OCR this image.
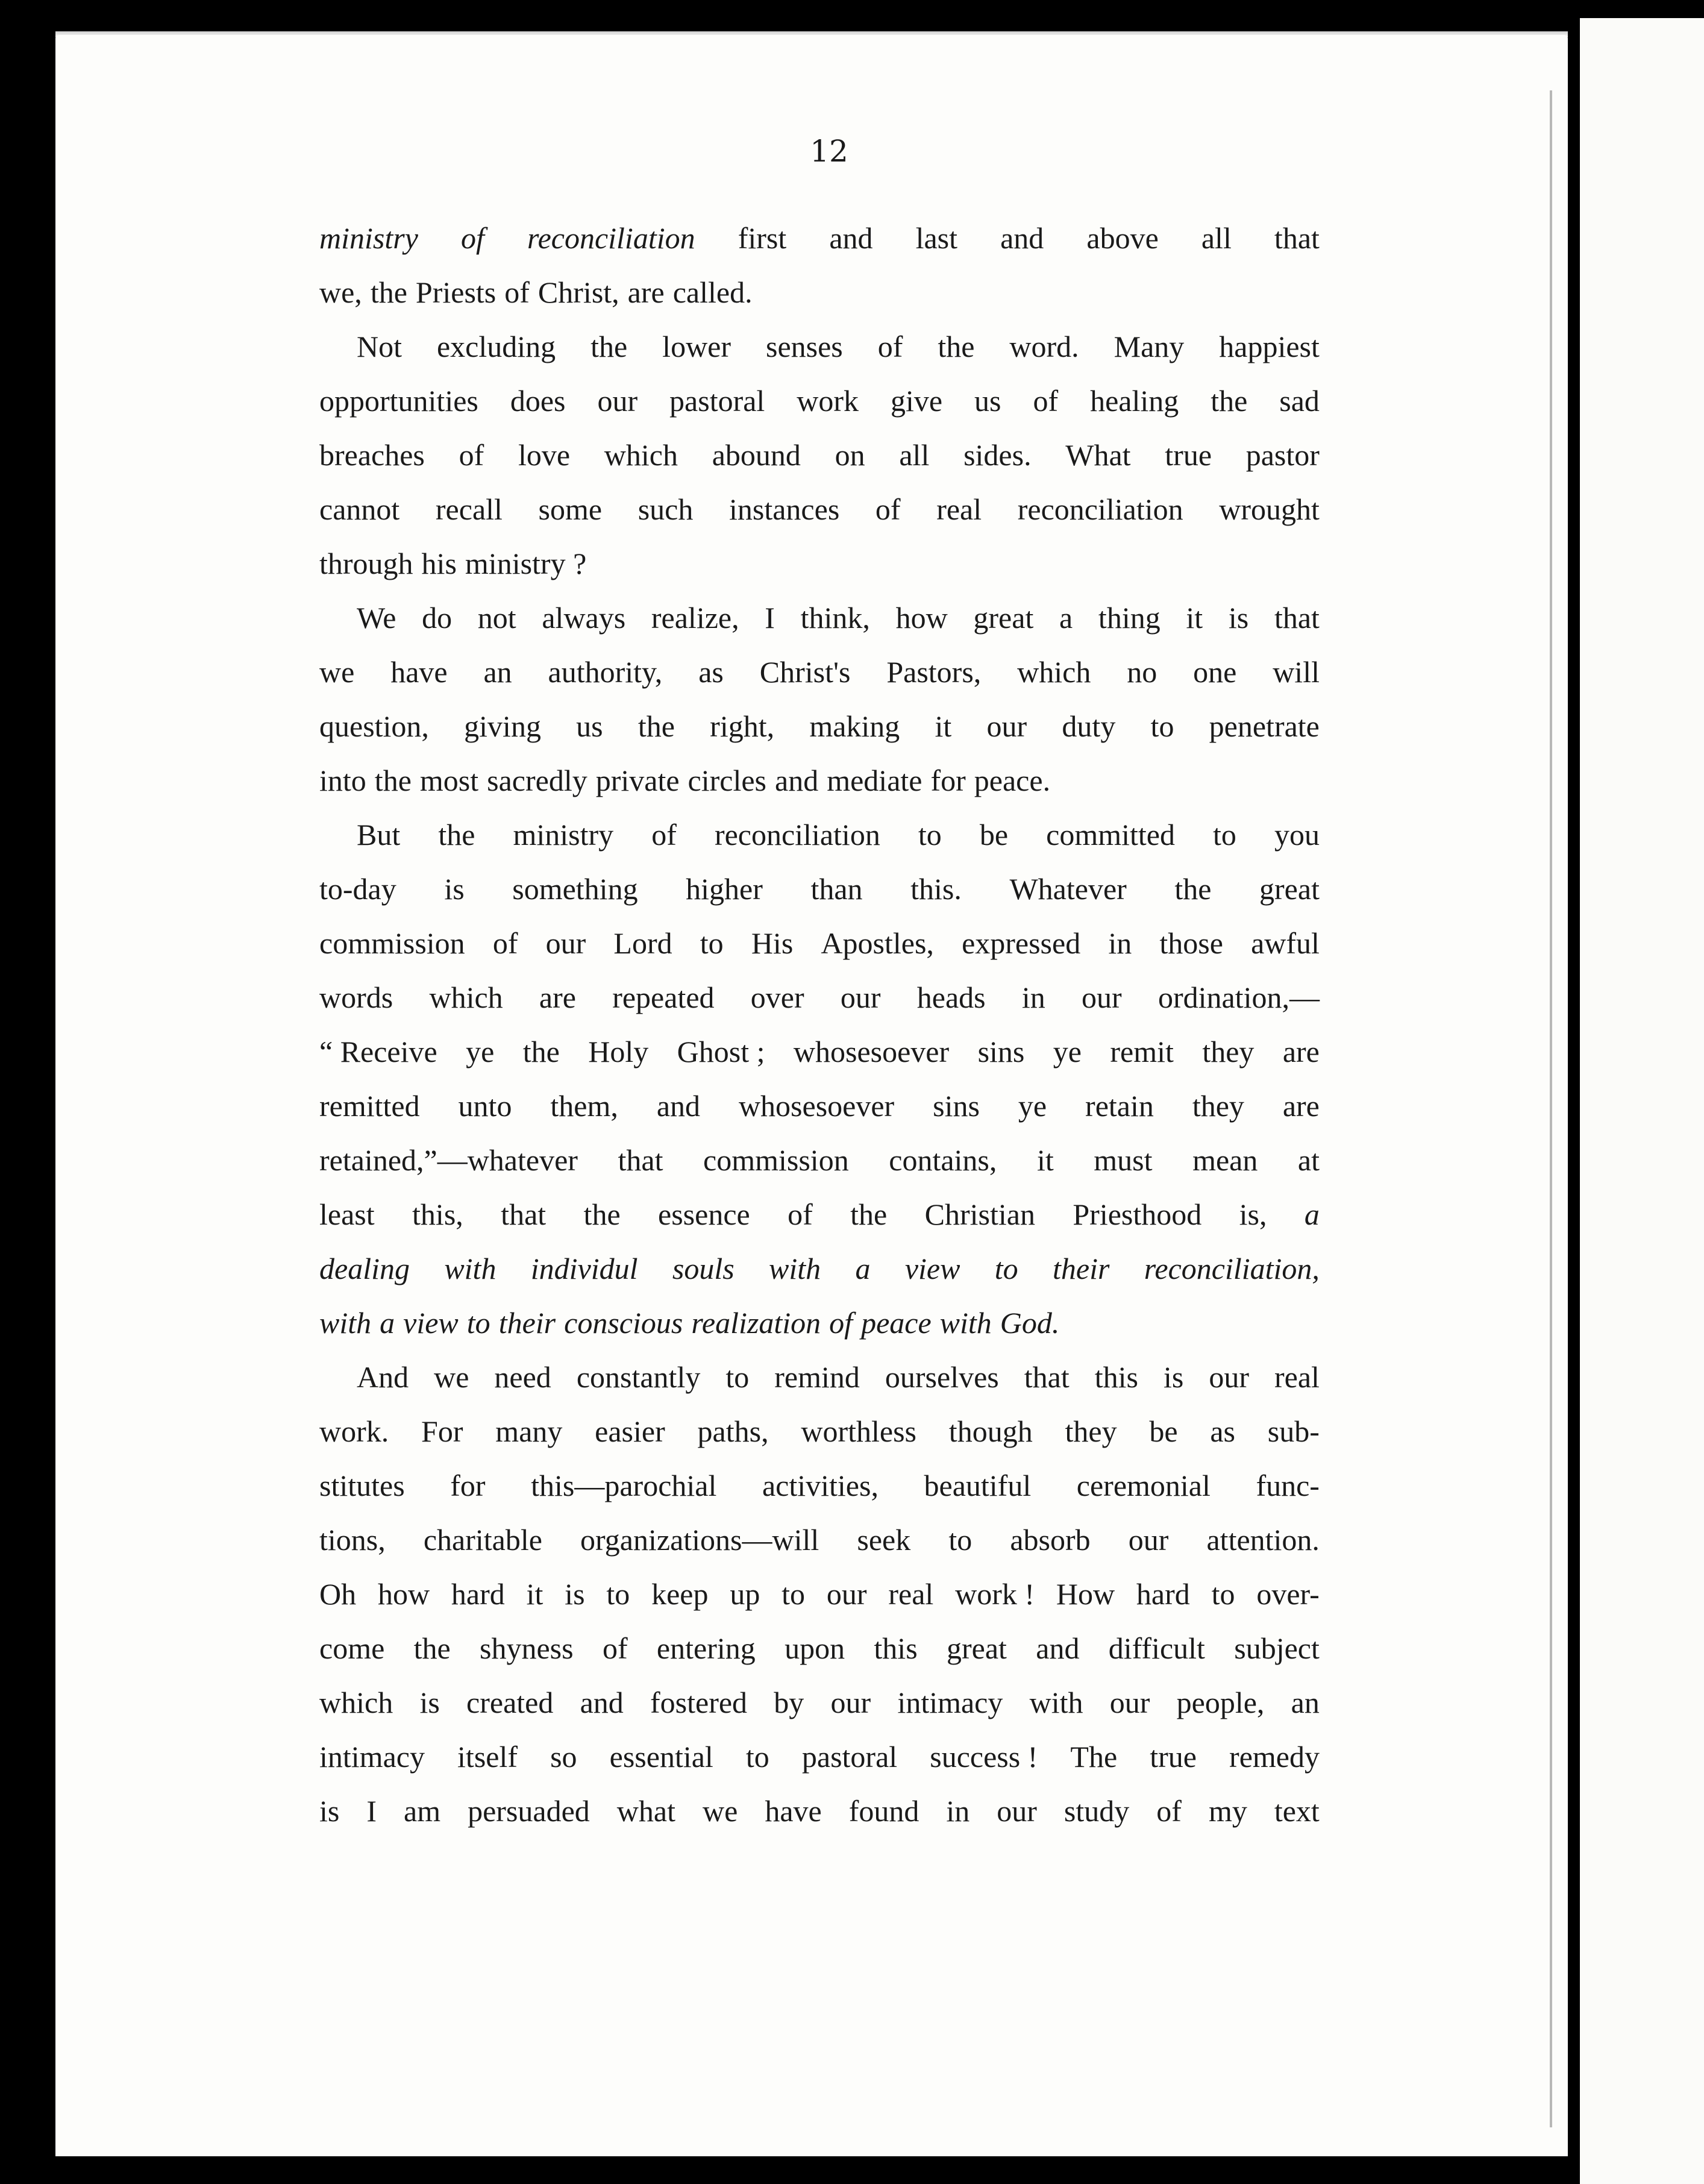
12
ministry of reconciliation first and last and above all that
we, the Priests of Christ, are called.
Not excluding the lower senses of the word. Many happiest
opportunities does our pastoral work give us of healing the sad
breaches of love which abound on all sides. What true pastor
cannot recall some such instances of real reconciliation wrought
through his ministry ?
We do not always realize, I think, how great a thing it is that
we have an authority, as Christ's Pastors, which no one will
question, giving us the right, making it our duty to penetrate
into the most sacredly private circles and mediate for peace.
But the ministry of reconciliation to be committed to you
to-day is something higher than this. Whatever the great
commission of our Lord to His Apostles, expressed in those awful
words which are repeated over our heads in our ordination,—
“ Receive ye the Holy Ghost ; whosesoever sins ye remit they are
remitted unto them, and whosesoever sins ye retain they are
retained,”—whatever that commission contains, it must mean at
least this, that the essence of the Christian Priesthood is, a
dealing with individul souls with a view to their reconciliation,
with a view to their conscious realization of peace with God.
And we need constantly to remind ourselves that this is our real
work. For many easier paths, worthless though they be as sub-
stitutes for this—parochial activities, beautiful ceremonial func-
tions, charitable organizations—will seek to absorb our attention.
Oh how hard it is to keep up to our real work ! How hard to over-
come the shyness of entering upon this great and difficult subject
which is created and fostered by our intimacy with our people, an
intimacy itself so essential to pastoral success ! The true remedy
is I am persuaded what we have found in our study of my text
